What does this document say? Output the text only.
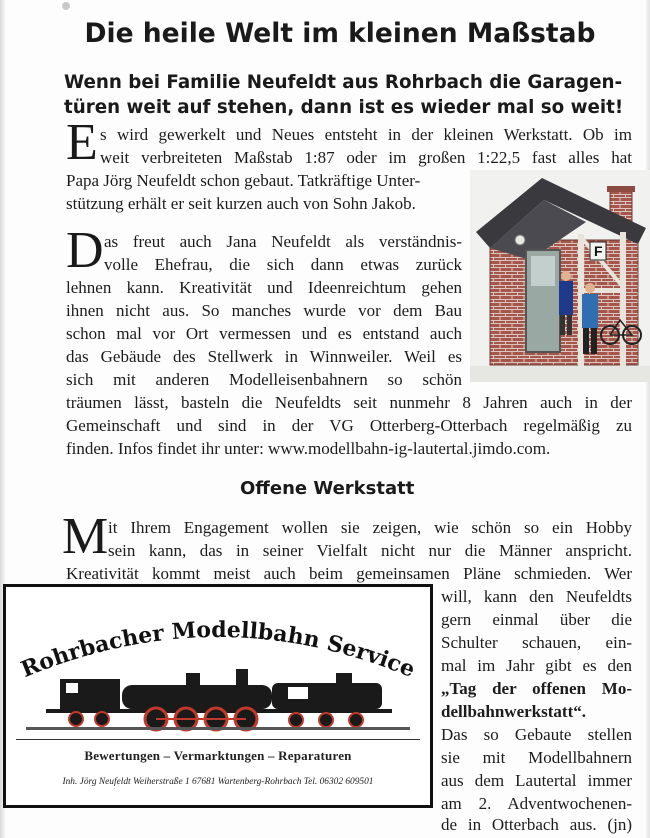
Die heile Welt im kleinen Maßstab
Wenn bei Familie Neufeldt aus Rohrbach die Garagen-
türen weit auf stehen, dann ist es wieder mal so weit!
E s wird gewerkelt und Neues entsteht in der kleinen Werkstatt. Ob im
weit verbreiteten Maßstab 1:87 oder im großen 1:22,5 fast alles hat
Papa Jörg Neufeldt schon gebaut. Tatkräftige Unter-
stützung erhält er seit kurzen auch von Sohn Jakob.
D as freut auch Jana Neufeldt als verständnis-
volle Ehefrau, die sich dann etwas zurück
lehnen kann. Kreativität und Ideenreichtum gehen
ihnen nicht aus. So manches wurde vor dem Bau
schon mal vor Ort vermessen und es entstand auch
das Gebäude des Stellwerk in Winnweiler. Weil es
sich mit anderen Modelleisenbahnern so schön
träumen lässt, basteln die Neufeldts seit nunmehr 8 Jahren auch in der
Gemeinschaft und sind in der VG Otterberg-Otterbach regelmäßig zu
finden. Infos findet ihr unter: www.modellbahn-ig-lautertal.jimdo.com.
Offene Werkstatt
M it Ihrem Engagement wollen sie zeigen, wie schön so ein Hobby
sein kann, das in seiner Vielfalt nicht nur die Männer anspricht.
Kreativität kommt meist auch beim gemeinsamen Pläne schmieden. Wer
will, kann den Neufeldts
gern einmal über die
Schulter schauen, ein-
mal im Jahr gibt es den
„Tag der offenen Mo-
dellbahnwerkstatt“.
Das so Gebaute stellen
sie mit Modellbahnern
aus dem Lautertal immer
am 2. Adventwochenen-
de in Otterbach aus. (jn)
F
Rohrbacher Modellbahn Service
Bewertungen – Vermarktungen – Reparaturen
Inh. Jörg Neufeldt Weiherstraße 1 67681 Wartenberg-Rohrbach Tel. 06302 609501
